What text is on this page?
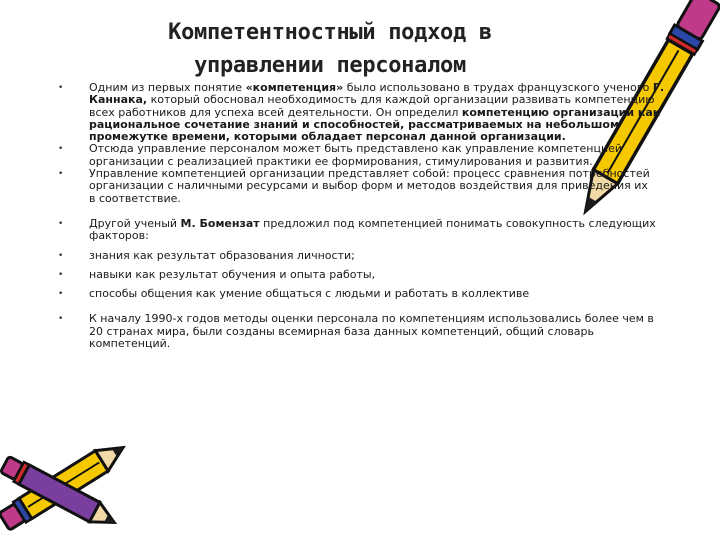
Компетентностный подход в
управлении персоналом
• Одним из первых понятие «компетенция» было использовано в трудах французского ученого Г. Каннака, который обосновал необходимость для каждой организации развивать компетенцию всех работников для успеха всей деятельности. Он определил компетенцию организации как рациональное сочетание знаний и способностей, рассматриваемых на небольшом промежутке времени, которыми обладает персонал данной организации.
• Отсюда управление персоналом может быть представлено как управление компетенцией организации с реализацией практики ее формирования, стимулирования и развития.
• Управление компетенцией организации представляет собой: процесс сравнения потребностей организации с наличными ресурсами и выбор форм и методов воздействия для приведения их в соответствие.
• Другой ученый М. Бомензат предложил под компетенцией понимать совокупность следующих факторов:
• знания как результат образования личности;
• навыки как результат обучения и опыта работы,
• способы общения как умение общаться с людьми и работать в коллективе
• К началу 1990-х годов методы оценки персонала по компетенциям использовались более чем в 20 странах мира, были созданы всемирная база данных компетенций, общий словарь компетенций.
